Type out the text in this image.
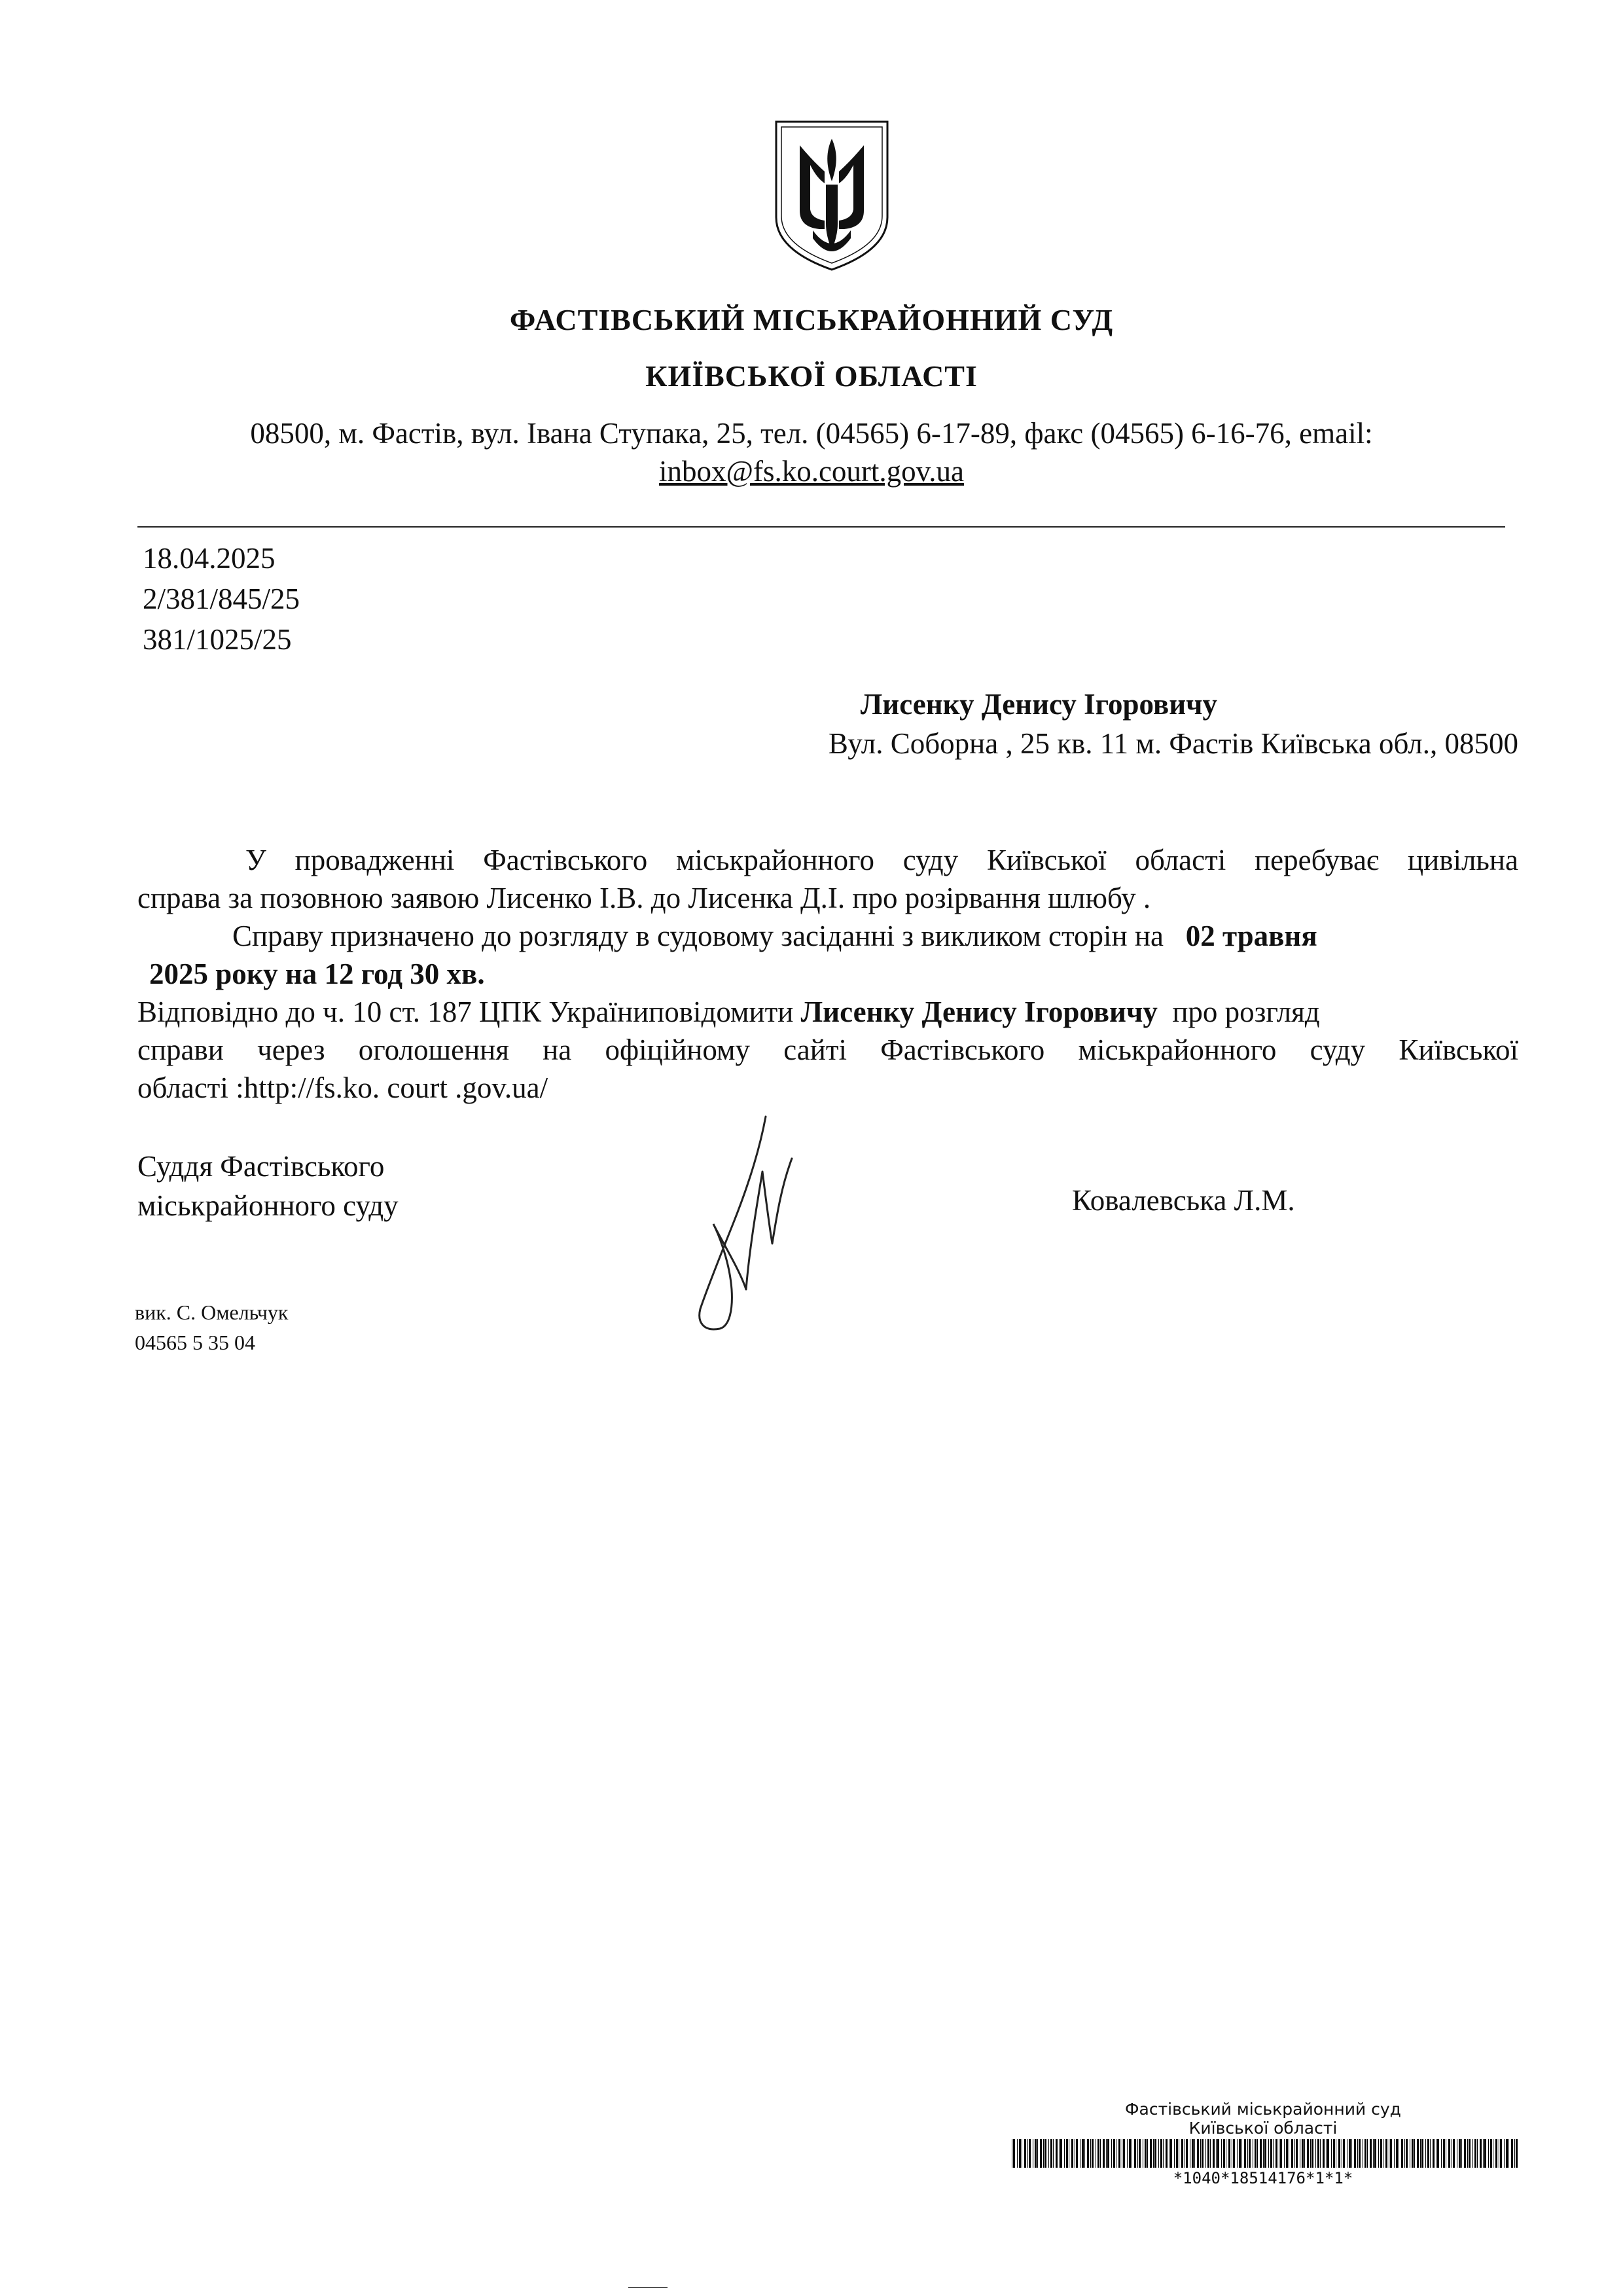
ФАСТІВСЬКИЙ МІСЬКРАЙОННИЙ СУД
КИЇВСЬКОЇ ОБЛАСТІ
08500, м. Фастів, вул. Івана Ступака, 25, тел. (04565) 6-17-89, факс (04565) 6-16-76, email:
inbox@fs.ko.court.gov.ua
18.04.2025
2/381/845/25
381/1025/25
Лисенку Денису Ігоровичу
Вул. Соборна , 25 кв. 11 м. Фастів Київська обл., 08500
У провадженні Фастівського міськрайонного суду Київської області перебуває цивільна
справа за позовною заявою Лисенко І.В. до Лисенка Д.І. про розірвання шлюбу .
Справу призначено до розгляду в судовому засіданні з викликом сторін на 02 травня
2025 року на 12 год 30 хв.
Відповідно до ч. 10 ст. 187 ЦПК Україниповідомити Лисенку Денису Ігоровичу про розгляд
справи через оголошення на офіційному сайті Фастівського міськрайонного суду Київської
області :http://fs.ko. court .gov.ua/
Суддя Фастівського
міськрайонного суду	Ковалевська Л.М.
вик. С. Омельчук
04565 5 35 04
Фастівський міськрайонний суд
Київської області
*1040*18514176*1*1*
